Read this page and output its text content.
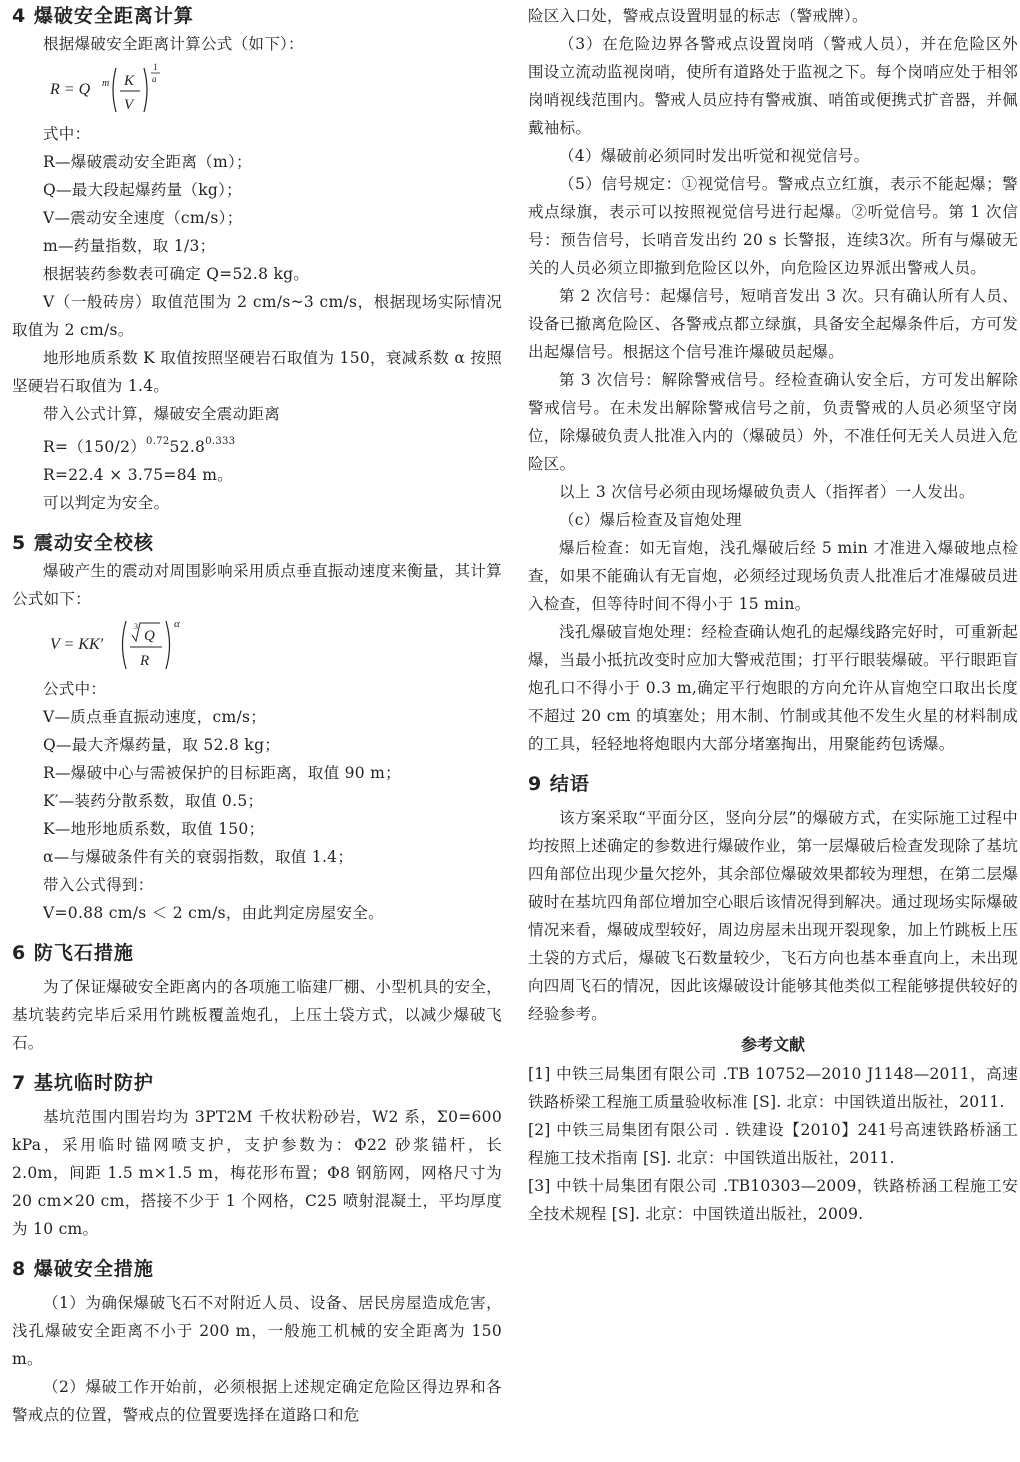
4 爆破安全距离计算

根据爆破安全距离计算公式（如下）：

R = Q m K
V
1
a

式中：

R—爆破震动安全距离（m）；

Q—最大段起爆药量（kg）；

V—震动安全速度（cm/s）；

m—药量指数，取 1/3；

根据装药参数表可确定 Q=52.8 kg。

V（一般砖房）取值范围为 2 cm/s~3 cm/s，根据现场实际情况取值为 2 cm/s。

地形地质系数 K 取值按照坚硬岩石取值为 150，衰减系数 α 按照坚硬岩石取值为 1.4。

带入公式计算，爆破安全震动距离

$R=(150/2)^{0.72}52.8^{0.333}$

R=22.4 × 3.75=84 m。

可以判定为安全。

5 震动安全校核

爆破产生的震动对周围影响采用质点垂直振动速度来衡量，其计算公式如下：

V = KK′
3
Q
R
α

公式中：

V—质点垂直振动速度，cm/s；

Q—最大齐爆药量，取 52.8 kg；

R—爆破中心与需被保护的目标距离，取值 90 m；

K′—装药分散系数，取值 0.5；

K—地形地质系数，取值 150；

α—与爆破条件有关的衰弱指数，取值 1.4；

带入公式得到：

V=0.88 cm/s ＜ 2 cm/s，由此判定房屋安全。

6 防飞石措施

为了保证爆破安全距离内的各项施工临建厂棚、小型机具的安全，基坑装药完毕后采用竹跳板覆盖炮孔，上压土袋方式，以减少爆破飞石。

7 基坑临时防护

基坑范围内围岩均为 3PT2M 千枚状粉砂岩，W2 系，Σ0=600 kPa，采用临时锚网喷支护，支护参数为：Φ22 砂浆锚杆，长 2.0m，间距 1.5 m×1.5 m，梅花形布置；Φ8 钢筋网，网格尺寸为 20 cm×20 cm，搭接不少于 1 个网格，C25 喷射混凝土，平均厚度为 10 cm。

8 爆破安全措施

（1）为确保爆破飞石不对附近人员、设备、居民房屋造成危害，浅孔爆破安全距离不小于 200 m，一般施工机械的安全距离为 150 m。

（2）爆破工作开始前，必须根据上述规定确定危险区得边界和各警戒点的位置，警戒点的位置要选择在道路口和危

险区入口处，警戒点设置明显的标志（警戒牌）。

（3）在危险边界各警戒点设置岗哨（警戒人员），并在危险区外围设立流动监视岗哨，使所有道路处于监视之下。每个岗哨应处于相邻岗哨视线范围内。警戒人员应持有警戒旗、哨笛或便携式扩音器，并佩戴袖标。

（4）爆破前必须同时发出听觉和视觉信号。

（5）信号规定：①视觉信号。警戒点立红旗，表示不能起爆；警戒点绿旗，表示可以按照视觉信号进行起爆。②听觉信号。第 1 次信号：预告信号，长哨音发出约 20 s 长警报，连续3次。所有与爆破无关的人员必须立即撤到危险区以外，向危险区边界派出警戒人员。

第 2 次信号：起爆信号，短哨音发出 3 次。只有确认所有人员、设备已撤离危险区、各警戒点都立绿旗，具备安全起爆条件后，方可发出起爆信号。根据这个信号准许爆破员起爆。

第 3 次信号：解除警戒信号。经检查确认安全后，方可发出解除警戒信号。在未发出解除警戒信号之前，负责警戒的人员必须坚守岗位，除爆破负责人批准入内的（爆破员）外，不准任何无关人员进入危险区。

以上 3 次信号必须由现场爆破负责人（指挥者）一人发出。

（c）爆后检查及盲炮处理

爆后检查：如无盲炮，浅孔爆破后经 5 min 才准进入爆破地点检查，如果不能确认有无盲炮，必须经过现场负责人批准后才准爆破员进入检查，但等待时间不得小于 15 min。

浅孔爆破盲炮处理：经检查确认炮孔的起爆线路完好时，可重新起爆，当最小抵抗改变时应加大警戒范围；打平行眼装爆破。平行眼距盲炮孔口不得小于 0.3 m,确定平行炮眼的方向允许从盲炮空口取出长度不超过 20 cm 的填塞处；用木制、竹制或其他不发生火星的材料制成的工具，轻轻地将炮眼内大部分堵塞掏出，用聚能药包诱爆。

9 结语

该方案采取“平面分区，竖向分层”的爆破方式，在实际施工过程中均按照上述确定的参数进行爆破作业，第一层爆破后检查发现除了基坑四角部位出现少量欠挖外，其余部位爆破效果都较为理想，在第二层爆破时在基坑四角部位增加空心眼后该情况得到解决。通过现场实际爆破情况来看，爆破成型较好，周边房屋未出现开裂现象，加上竹跳板上压土袋的方式后，爆破飞石数量较少，飞石方向也基本垂直向上，未出现向四周飞石的情况，因此该爆破设计能够其他类似工程能够提供较好的经验参考。

参考文献

[1] 中铁三局集团有限公司 .TB 10752—2010 J1148—2011，高速铁路桥梁工程施工质量验收标准 [S]. 北京：中国铁道出版社，2011.

[2] 中铁三局集团有限公司 . 铁建设【2010】241号高速铁路桥涵工程施工技术指南 [S]. 北京：中国铁道出版社，2011.

[3] 中铁十局集团有限公司 .TB10303—2009，铁路桥涵工程施工安全技术规程 [S]. 北京：中国铁道出版社，2009.
